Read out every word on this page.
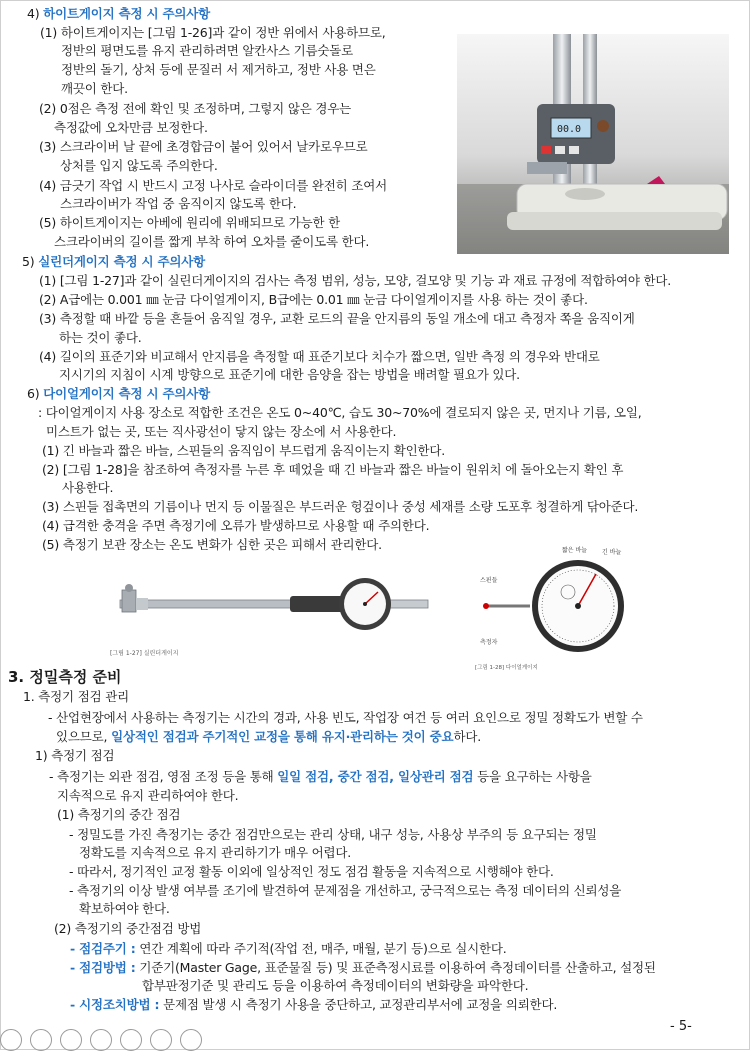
4) 하이트게이지 측정 시 주의사항
(1) 하이트게이지는 [그림 1-26]과 같이 정반 위에서 사용하므로,
정반의 평면도를 유지 관리하려면 알칸사스 기름숫돌로
정반의 돌기, 상처 등에 문질러 서 제거하고, 정반 사용 면은
깨끗이 한다.
(2) 0점은 측정 전에 확인 및 조정하며, 그렇지 않은 경우는
측정값에 오차만큼 보정한다.
(3) 스크라이버 날 끝에 초경합금이 붙어 있어서 날카로우므로
상처를 입지 않도록 주의한다.
(4) 금긋기 작업 시 반드시 고정 나사로 슬라이더를 완전히 조여서
스크라이버가 작업 중 움직이지 않도록 한다.
(5) 하이트게이지는 아베에 원리에 위배되므로 가능한 한
스크라이버의 길이를 짧게 부착 하여 오차를 줄이도록 한다.
00.0
5) 실린더게이지 측정 시 주의사항
(1) [그림 1-27]과 같이 실린더게이지의 검사는 측정 범위, 성능, 모양, 걸모양 및 기능 과 재료 규정에 적합하여야 한다.
(2) A급에는 0.001 ㎜ 눈금 다이얼게이지, B급에는 0.01 ㎜ 눈금 다이얼게이지를 사용 하는 것이 좋다.
(3) 측정할 때 바깥 등을 흔들어 움직일 경우, 교환 로드의 끝을 안지름의 동일 개소에 대고 측정자 쪽을 움직이게
하는 것이 좋다.
(4) 길이의 표준기와 비교해서 안지름을 측정할 때 표준기보다 치수가 짧으면, 일반 측정 의 경우와 반대로
지시기의 지침이 시계 방향으로 표준기에 대한 음양을 잡는 방법을 배려할 필요가 있다.
6) 다이얼게이지 측정 시 주의사항
: 다이얼게이지 사용 장소로 적합한 조건은 온도 0~40℃, 습도 30~70%에 결로되지 않은 곳, 먼지나 기름, 오일,
미스트가 없는 곳, 또는 직사광선이 닿지 않는 장소에 서 사용한다.
(1) 긴 바늘과 짧은 바늘, 스핀들의 움직임이 부드럽게 움직이는지 확인한다.
(2) [그림 1-28]을 참조하여 측정자를 누른 후 떼었을 때 긴 바늘과 짧은 바늘이 원위치 에 돌아오는지 확인 후
사용한다.
(3) 스핀들 접촉면의 기름이나 먼지 등 이물질은 부드러운 헝겊이나 중성 세재를 소량 도포후 청결하게 닦아준다.
(4) 급격한 충격을 주면 측정기에 오류가 발생하므로 사용할 때 주의한다.
(5) 측정기 보관 장소는 온도 변화가 심한 곳은 피해서 관리한다.
[그림 1-27] 실린더게이지
짧은 바늘 긴 바늘
스핀들
측정자
[그림 1-28] 다이얼게이지
3. 정밀측정 준비
1. 측정기 점검 관리
- 산업현장에서 사용하는 측정기는 시간의 경과, 사용 빈도, 작업장 여건 등 여러 요인으로 정밀 정확도가 변할 수
있으므로, 일상적인 점검과 주기적인 교정을 통해 유지·관리하는 것이 중요하다.
1) 측정기 점검
- 측정기는 외관 점검, 영점 조정 등을 통해 일일 점검, 중간 점검, 일상관리 점검 등을 요구하는 사항을
지속적으로 유지 관리하여야 한다.
(1) 측정기의 중간 점검
- 정밀도를 가진 측정기는 중간 점검만으로는 관리 상태, 내구 성능, 사용상 부주의 등 요구되는 정밀
정확도를 지속적으로 유지 관리하기가 매우 어렵다.
- 따라서, 정기적인 교정 활동 이외에 일상적인 정도 점검 활동을 지속적으로 시행해야 한다.
- 측정기의 이상 발생 여부를 조기에 발견하여 문제점을 개선하고, 궁극적으로는 측정 데이터의 신뢰성을
확보하여야 한다.
(2) 측정기의 중간점검 방법
- 점검주기 : 연간 계획에 따라 주기적(작업 전, 매주, 매월, 분기 등)으로 실시한다.
- 점검방법 : 기준기(Master Gage, 표준물질 등) 및 표준측정시료를 이용하여 측정데이터를 산출하고, 설정된
합부판정기준 및 관리도 등을 이용하여 측정데이터의 변화량을 파악한다.
- 시정조치방법 : 문제점 발생 시 측정기 사용을 중단하고, 교정관리부서에 교정을 의뢰한다.
- 5-
